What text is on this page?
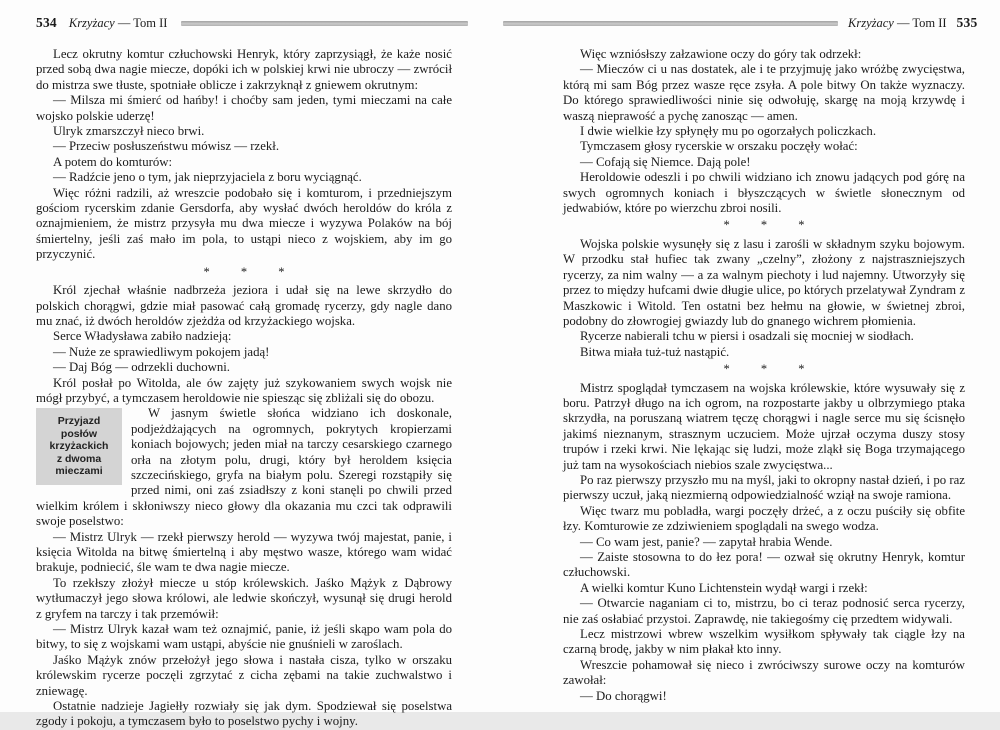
534 Krzyżacy — Tom II	Krzyżacy — Tom II 535

Lecz okrutny komtur człuchowski Henryk, który zaprzysiągł, że każe nosić przed sobą dwa nagie miecze, dopóki ich w polskiej krwi nie ubroczy — zwrócił do mistrza swe tłuste, spotniałe oblicze i zakrzyknął z gniewem okrutnym:

— Milsza mi śmierć od hańby! i choćby sam jeden, tymi mieczami na całe wojsko polskie uderzę!

Ulryk zmarszczył nieco brwi.

— Przeciw posłuszeństwu mówisz — rzekł.

A potem do komturów:

— Radźcie jeno o tym, jak nieprzyjaciela z boru wyciągnąć.

Więc różni radzili, aż wreszcie podobało się i komturom, i przedniejszym gościom rycerskim zdanie Gersdorfa, aby wysłać dwóch heroldów do króla z oznajmieniem, że mistrz przysyła mu dwa miecze i wyzywa Polaków na bój śmiertelny, jeśli zaś mało im pola, to ustąpi nieco z wojskiem, aby im go przyczynić.

* * *

Król zjechał właśnie nadbrzeża jeziora i udał się na lewe skrzydło do polskich chorągwi, gdzie miał pasować całą gromadę rycerzy, gdy nagle dano mu znać, iż dwóch heroldów zjeżdża od krzyżackiego wojska.

Serce Władysława zabiło nadzieją:

— Nuże ze sprawiedliwym pokojem jadą!

— Daj Bóg — odrzekli duchowni.

Król posłał po Witolda, ale ów zajęty już szykowaniem swych wojsk nie mógł przybyć, a tymczasem heroldowie nie spiesząc się zbliżali się do obozu.

Przyjazd posłów
krzyżackich
z dwoma
mieczami
W jasnym świetle słońca widziano ich doskonale, podjeżdżających na ogromnych, pokrytych kropierzami koniach bojowych; jeden miał na tarczy cesarskiego czarnego orła na złotym polu, drugi, który był heroldem księcia szczecińskiego, gryfa na białym polu. Szeregi rozstąpiły się przed nimi, oni zaś zsiadłszy z koni stanęli po chwili przed wielkim królem i skłoniwszy nieco głowy dla okazania mu czci tak odprawili swoje poselstwo:

— Mistrz Ulryk — rzekł pierwszy herold — wyzywa twój majestat, panie, i księcia Witolda na bitwę śmiertelną i aby męstwo wasze, którego wam widać brakuje, podniecić, śle wam te dwa nagie miecze.

To rzekłszy złożył miecze u stóp królewskich. Jaśko Mążyk z Dąbrowy wytłumaczył jego słowa królowi, ale ledwie skończył, wysunął się drugi herold z gryfem na tarczy i tak przemówił:

— Mistrz Ulryk kazał wam też oznajmić, panie, iż jeśli skąpo wam pola do bitwy, to się z wojskami wam ustąpi, abyście nie gnuśnieli w zaroślach.

Jaśko Mążyk znów przełożył jego słowa i nastała cisza, tylko w orszaku królewskim rycerze poczęli zgrzytać z cicha zębami na takie zuchwalstwo i zniewagę.

Ostatnie nadzieje Jagiełły rozwiały się jak dym. Spodziewał się poselstwa zgody i pokoju, a tymczasem było to poselstwo pychy i wojny.

Więc wzniósłszy załzawione oczy do góry tak odrzekł:

— Mieczów ci u nas dostatek, ale i te przyjmuję jako wróżbę zwycięstwa, którą mi sam Bóg przez wasze ręce zsyła. A pole bitwy On także wyznaczy. Do którego sprawiedliwości ninie się odwołuję, skargę na moją krzywdę i waszą nieprawość a pychę zanosząc — amen.

I dwie wielkie łzy spłynęły mu po ogorzałych policzkach.

Tymczasem głosy rycerskie w orszaku poczęły wołać:

— Cofają się Niemce. Dają pole!

Heroldowie odeszli i po chwili widziano ich znowu jadących pod górę na swych ogromnych koniach i błyszczących w świetle słonecznym od jedwabiów, które po wierzchu zbroi nosili.

* * *

Wojska polskie wysunęły się z lasu i zarośli w składnym szyku bojowym. W przodku stał hufiec tak zwany „czelny”, złożony z najstraszniejszych rycerzy, za nim walny — a za walnym piechoty i lud najemny. Utworzyły się przez to między hufcami dwie długie ulice, po których przelatywał Zyndram z Maszkowic i Witold. Ten ostatni bez hełmu na głowie, w świetnej zbroi, podobny do złowrogiej gwiazdy lub do gnanego wichrem płomienia.

Rycerze nabierali tchu w piersi i osadzali się mocniej w siodłach.

Bitwa miała tuż-tuż nastąpić.

* * *

Mistrz spoglądał tymczasem na wojska królewskie, które wysuwały się z boru. Patrzył długo na ich ogrom, na rozpostarte jakby u olbrzymiego ptaka skrzydła, na poruszaną wiatrem tęczę chorągwi i nagle serce mu się ścisnęło jakimś nieznanym, strasznym uczuciem. Może ujrzał oczyma duszy stosy trupów i rzeki krwi. Nie lękając się ludzi, może zląkł się Boga trzymającego już tam na wysokościach niebios szale zwycięstwa...

Po raz pierwszy przyszło mu na myśl, jaki to okropny nastał dzień, i po raz pierwszy uczuł, jaką niezmierną odpowiedzialność wziął na swoje ramiona.

Więc twarz mu pobladła, wargi poczęły drżeć, a z oczu puściły się obfite łzy. Komturowie ze zdziwieniem spoglądali na swego wodza.

— Co wam jest, panie? — zapytał hrabia Wende.

— Zaiste stosowna to do łez pora! — ozwał się okrutny Henryk, komtur człuchowski.

A wielki komtur Kuno Lichtenstein wydął wargi i rzekł:

— Otwarcie naganiam ci to, mistrzu, bo ci teraz podnosić serca rycerzy, nie zaś osłabiać przystoi. Zaprawdę, nie takiegośmy cię przedtem widywali.

Lecz mistrzowi wbrew wszelkim wysiłkom spływały tak ciągle łzy na czarną brodę, jakby w nim płakał kto inny.

Wreszcie pohamował się nieco i zwróciwszy surowe oczy na komturów zawołał:

— Do chorągwi!
